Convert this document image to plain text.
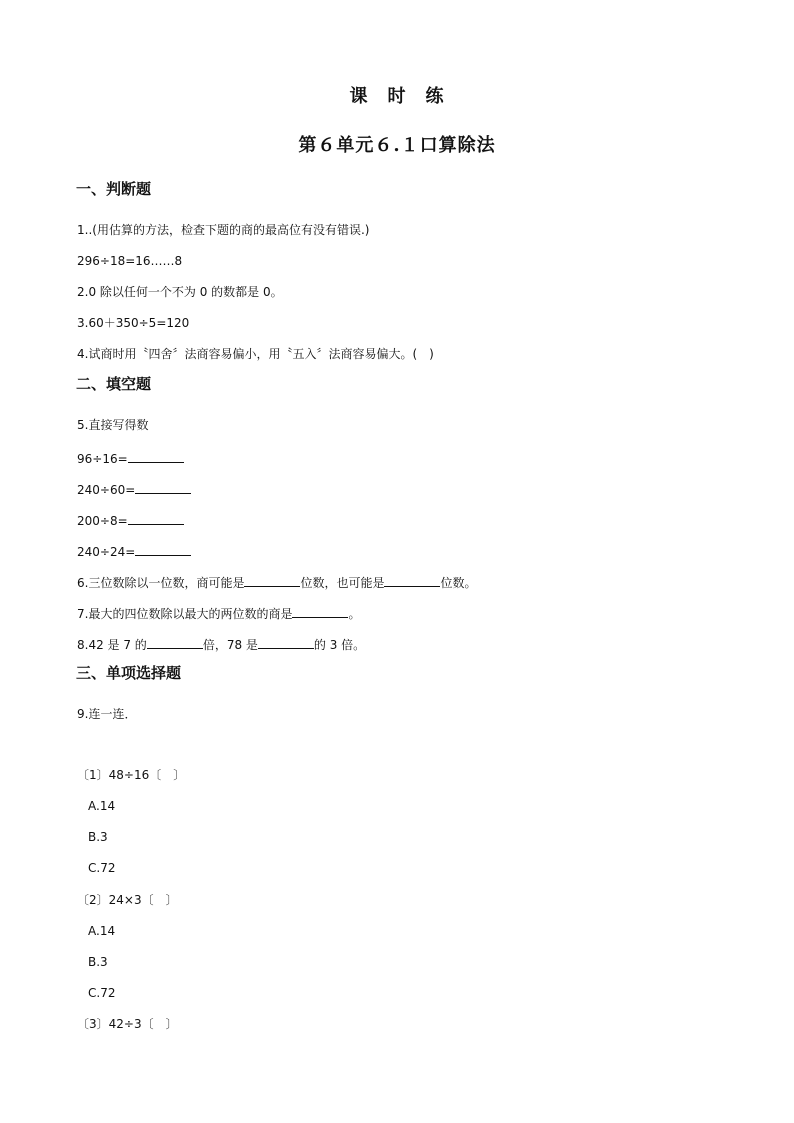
课　时　练
第６单元６.１口算除法
一、判断题
1..(用估算的方法，检查下题的商的最高位有没有错误.)
296÷18=16……8
2.0 除以任何一个不为 0 的数都是 0。
3.60＋350÷5=120
4.试商时用〝四舍〞法商容易偏小，用〝五入〞法商容易偏大。(　)
二、填空题
5.直接写得数
96÷16=
240÷60=
200÷8=
240÷24=
6.三位数除以一位数，商可能是	位数，也可能是	位数。
7.最大的四位数除以最大的两位数的商是	。
8.42 是 7 的	倍，78 是	的 3 倍。
三、单项选择题
9.连一连．
〔1〕48÷16〔　〕
A.14
B.3
C.72
〔2〕24×3〔　〕
A.14
B.3
C.72
〔3〕42÷3〔　〕
